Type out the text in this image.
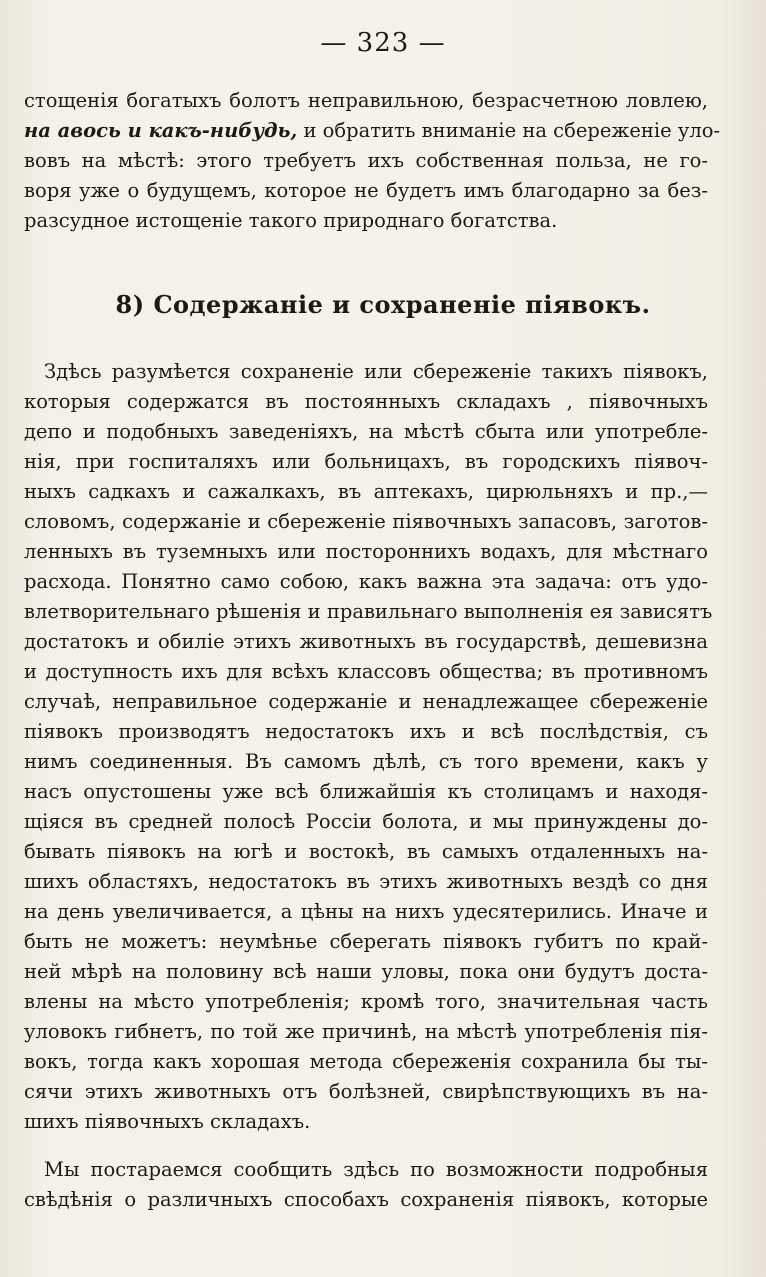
— 323 —
стощенія богатыхъ болотъ неправильною, безрасчетною ловлею,
на авось и какъ-нибудь, и обратить вниманіе на сбереженіе уло-
вовъ на мѣстѣ: этого требуетъ ихъ собственная польза, не го-
воря уже о будущемъ, которое не будетъ имъ благодарно за без-
разсудное истощеніе такого природнаго богатства.
8) Содержаніе и сохраненіе піявокъ.
Здѣсь разумѣется сохраненіе или сбереженіе такихъ піявокъ,
которыя содержатся въ постоянныхъ складахъ , піявочныхъ
депо и подобныхъ заведеніяхъ, на мѣстѣ сбыта или употребле-
нія, при госпиталяхъ или больницахъ, въ городскихъ піявоч-
ныхъ садкахъ и сажалкахъ, въ аптекахъ, цирюльняхъ и пр.,—
словомъ, содержаніе и сбереженіе піявочныхъ запасовъ, заготов-
ленныхъ въ туземныхъ или постороннихъ водахъ, для мѣстнаго
расхода. Понятно само собою, какъ важна эта задача: отъ удо-
влетворительнаго рѣшенія и правильнаго выполненія ея зависятъ
достатокъ и обиліе этихъ животныхъ въ государствѣ, дешевизна
и доступность ихъ для всѣхъ классовъ общества; въ противномъ
случаѣ, неправильное содержаніе и ненадлежащее сбереженіе
піявокъ производятъ недостатокъ ихъ и всѣ послѣдствія, съ
нимъ соединенныя. Въ самомъ дѣлѣ, съ того времени, какъ у
насъ опустошены уже всѣ ближайшія къ столицамъ и находя-
щіяся въ средней полосѣ Россіи болота, и мы принуждены до-
бывать піявокъ на югѣ и востокѣ, въ самыхъ отдаленныхъ на-
шихъ областяхъ, недостатокъ въ этихъ животныхъ вездѣ со дня
на день увеличивается, а цѣны на нихъ удесятерились. Иначе и
быть не можетъ: неумѣнье сберегать піявокъ губитъ по край-
ней мѣрѣ на половину всѣ наши уловы, пока они будутъ доста-
влены на мѣсто употребленія; кромѣ того, значительная часть
уловокъ гибнетъ, по той же причинѣ, на мѣстѣ употребленія пія-
вокъ, тогда какъ хорошая метода сбереженія сохранила бы ты-
сячи этихъ животныхъ отъ болѣзней, свирѣпствующихъ въ на-
шихъ піявочныхъ складахъ.
Мы постараемся сообщить здѣсь по возможности подробныя
свѣдѣнія о различныхъ способахъ сохраненія піявокъ, которые
